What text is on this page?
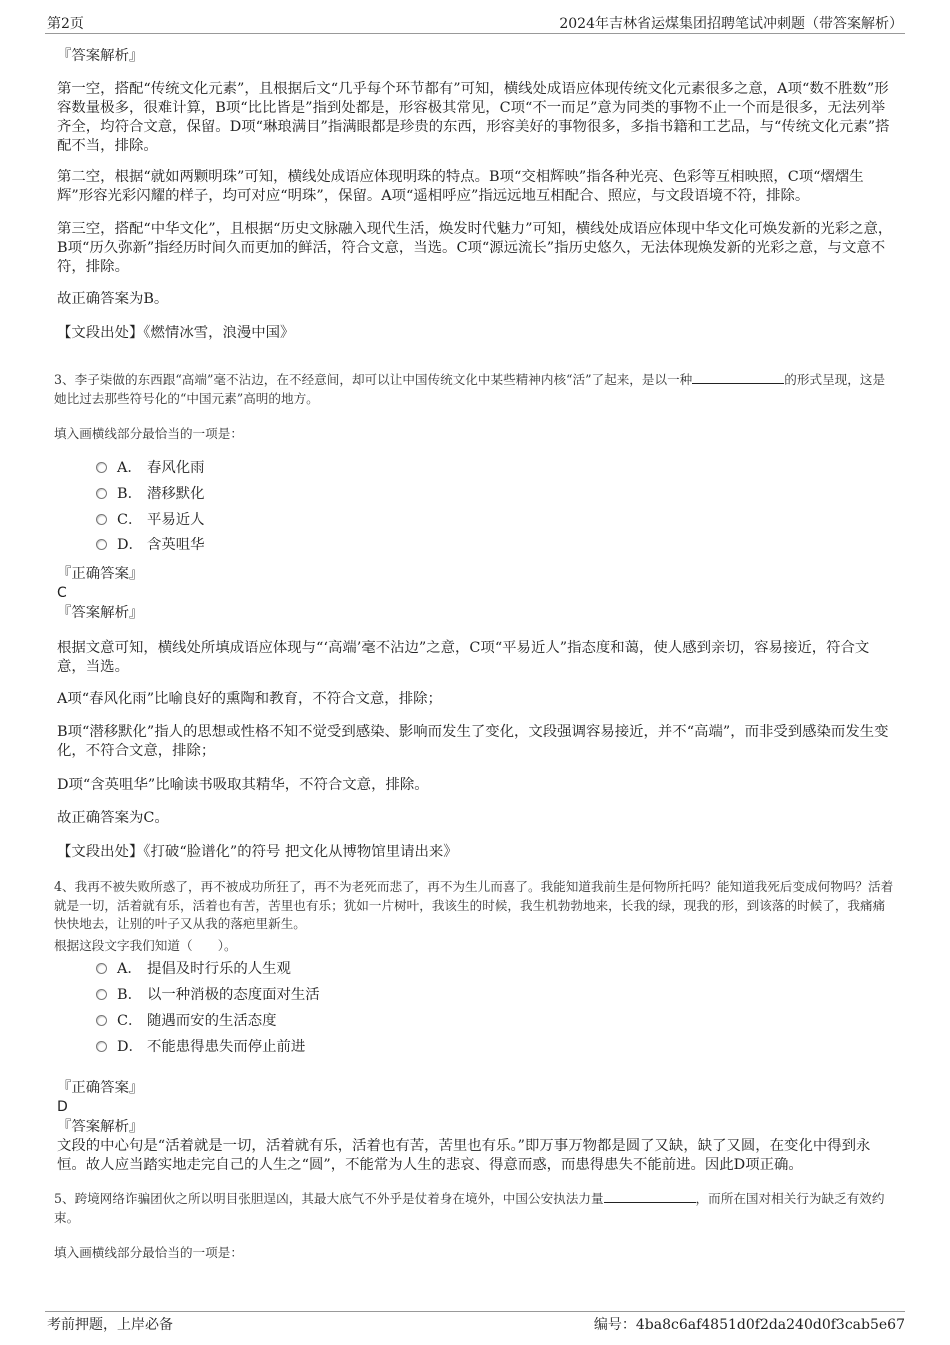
第2页	2024年吉林省运煤集团招聘笔试冲刺题（带答案解析）
『答案解析』

第一空，搭配“传统文化元素”，且根据后文“几乎每个环节都有”可知，横线处成语应体现传统文化元素很多之意，A项“数不胜数”形容数量极多，很难计算，B项“比比皆是”指到处都是，形容极其常见，C项“不一而足”意为同类的事物不止一个而是很多，无法列举齐全，均符合文意，保留。D项“琳琅满目”指满眼都是珍贵的东西，形容美好的事物很多，多指书籍和工艺品，与“传统文化元素”搭配不当，排除。

第二空，根据“就如两颗明珠”可知，横线处成语应体现明珠的特点。B项“交相辉映”指各种光亮、色彩等互相映照，C项“熠熠生辉”形容光彩闪耀的样子，均可对应“明珠”，保留。A项“遥相呼应”指远远地互相配合、照应，与文段语境不符，排除。

第三空，搭配“中华文化”，且根据“历史文脉融入现代生活，焕发时代魅力”可知，横线处成语应体现中华文化可焕发新的光彩之意，B项“历久弥新”指经历时间久而更加的鲜活，符合文意，当选。C项“源远流长”指历史悠久，无法体现焕发新的光彩之意，与文意不符，排除。

故正确答案为B。

【文段出处】《燃情冰雪，浪漫中国》

3、李子柒做的东西跟“高端”毫不沾边，在不经意间，却可以让中国传统文化中某些精神内核“活”了起来，是以一种	的形式呈现，这是她比过去那些符号化的“中国元素”高明的地方。

填入画横线部分最恰当的一项是：

A． 春风化雨
B． 潜移默化
C． 平易近人
D． 含英咀华
『正确答案』
C
『答案解析』

根据文意可知，横线处所填成语应体现与“‘高端’毫不沾边”之意，C项“平易近人”指态度和蔼，使人感到亲切，容易接近，符合文意，当选。

A项“春风化雨”比喻良好的熏陶和教育，不符合文意，排除；

B项“潜移默化”指人的思想或性格不知不觉受到感染、影响而发生了变化，文段强调容易接近，并不“高端”，而非受到感染而发生变化，不符合文意，排除；

D项“含英咀华”比喻读书吸取其精华，不符合文意，排除。

故正确答案为C。

【文段出处】《打破“脸谱化”的符号 把文化从博物馆里请出来》

4、我再不被失败所惑了，再不被成功所狂了，再不为老死而悲了，再不为生儿而喜了。我能知道我前生是何物所托吗？能知道我死后变成何物吗？活着就是一切，活着就有乐，活着也有苦，苦里也有乐；犹如一片树叶，我该生的时候，我生机勃勃地来，长我的绿，现我的形，到该落的时候了，我痛痛快快地去，让别的叶子又从我的落疤里新生。

根据这段文字我们知道（　　）。

A． 提倡及时行乐的人生观
B． 以一种消极的态度面对生活
C． 随遇而安的生活态度
D． 不能患得患失而停止前进
『正确答案』
D
『答案解析』

文段的中心句是“活着就是一切，活着就有乐，活着也有苦，苦里也有乐。”即万事万物都是圆了又缺，缺了又圆，在变化中得到永恒。故人应当踏实地走完自己的人生之“圆”，不能常为人生的悲哀、得意而惑，而患得患失不能前进。因此D项正确。

5、跨境网络诈骗团伙之所以明目张胆逞凶，其最大底气不外乎是仗着身在境外，中国公安执法力量	，而所在国对相关行为缺乏有效约束。

填入画横线部分最恰当的一项是：

考前押题，上岸必备	编号：4ba8c6af4851d0f2da240d0f3cab5e67
